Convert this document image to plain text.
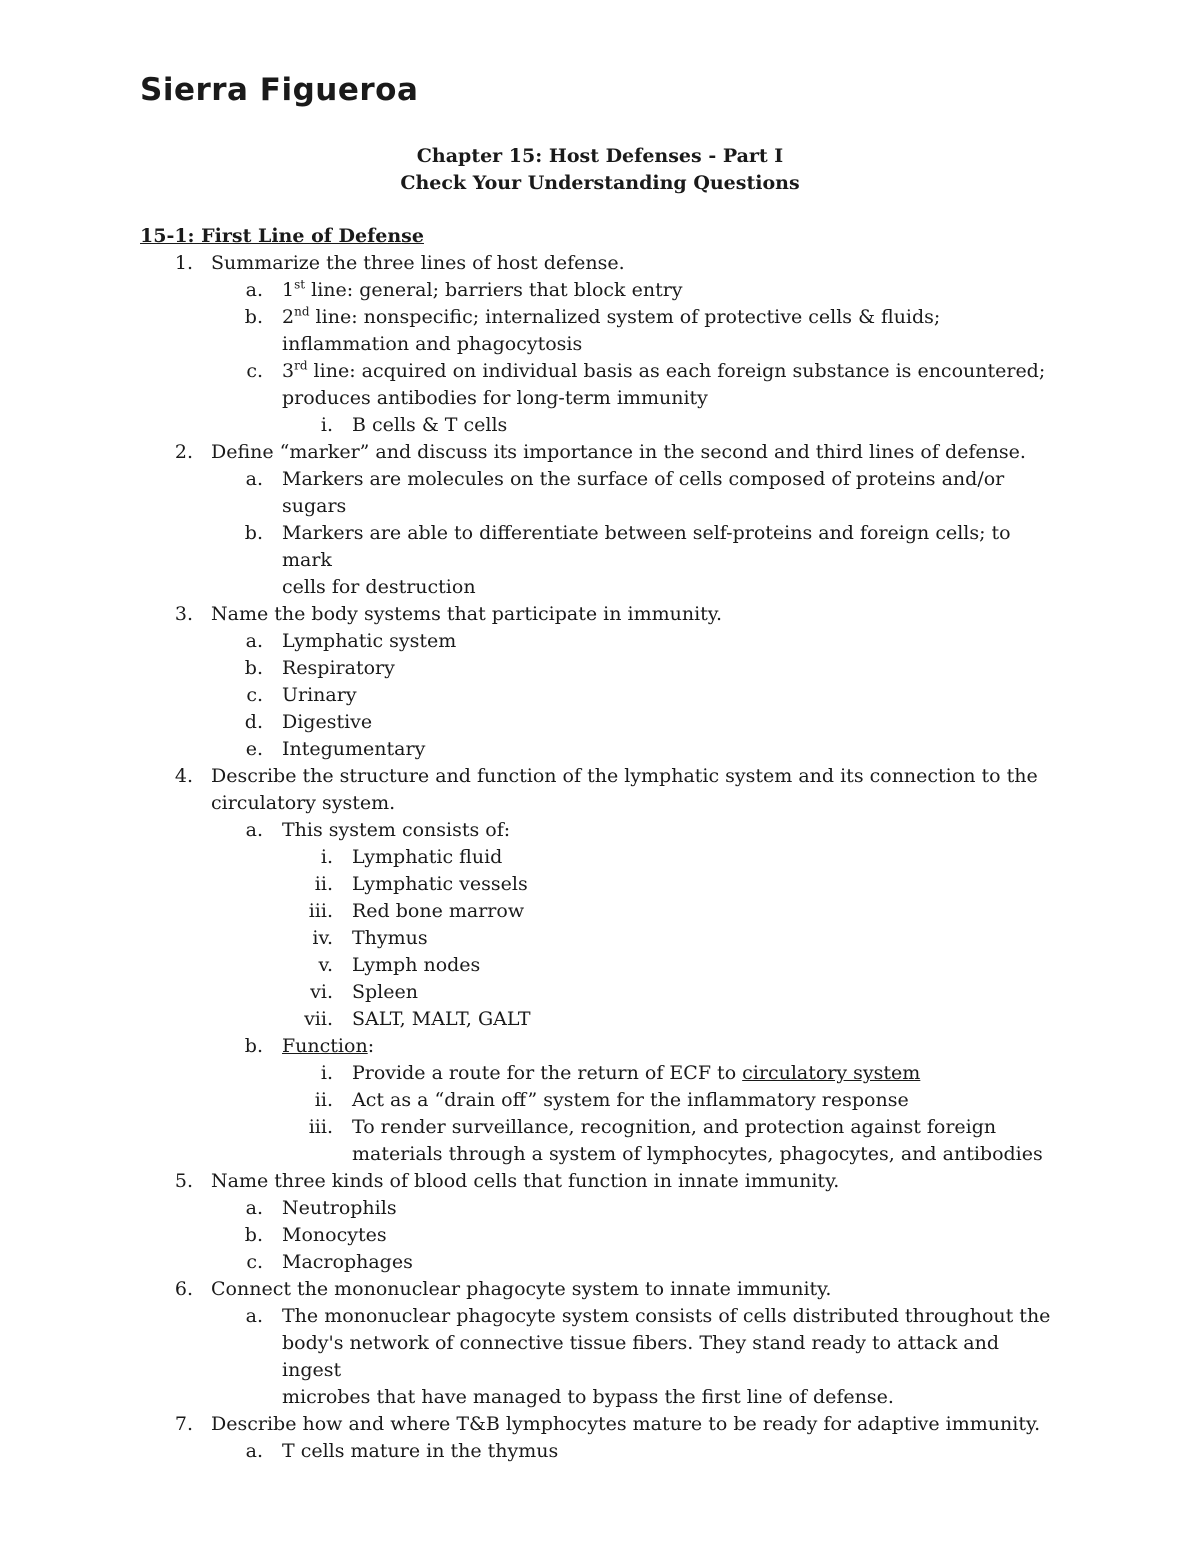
Sierra Figueroa
Chapter 15: Host Defenses - Part I
Check Your Understanding Questions
15-1: First Line of Defense
1. Summarize the three lines of host defense.
a. 1st line: general; barriers that block entry
b. 2nd line: nonspecific; internalized system of protective cells & fluids;
inflammation and phagocytosis
c. 3rd line: acquired on individual basis as each foreign substance is encountered;
produces antibodies for long-term immunity
i. B cells & T cells
2. Define “marker” and discuss its importance in the second and third lines of defense.
a. Markers are molecules on the surface of cells composed of proteins and/or sugars
b. Markers are able to differentiate between self-proteins and foreign cells; to mark
cells for destruction
3. Name the body systems that participate in immunity.
a. Lymphatic system
b. Respiratory
c. Urinary
d. Digestive
e. Integumentary
4. Describe the structure and function of the lymphatic system and its connection to the
circulatory system.
a. This system consists of:
i. Lymphatic fluid
ii. Lymphatic vessels
iii. Red bone marrow
iv. Thymus
v. Lymph nodes
vi. Spleen
vii. SALT, MALT, GALT
b. Function:
i. Provide a route for the return of ECF to circulatory system
ii. Act as a “drain off” system for the inflammatory response
iii. To render surveillance, recognition, and protection against foreign
materials through a system of lymphocytes, phagocytes, and antibodies
5. Name three kinds of blood cells that function in innate immunity.
a. Neutrophils
b. Monocytes
c. Macrophages
6. Connect the mononuclear phagocyte system to innate immunity.
a. The mononuclear phagocyte system consists of cells distributed throughout the
body's network of connective tissue fibers. They stand ready to attack and ingest
microbes that have managed to bypass the first line of defense.
7. Describe how and where T&B lymphocytes mature to be ready for adaptive immunity.
a. T cells mature in the thymus
